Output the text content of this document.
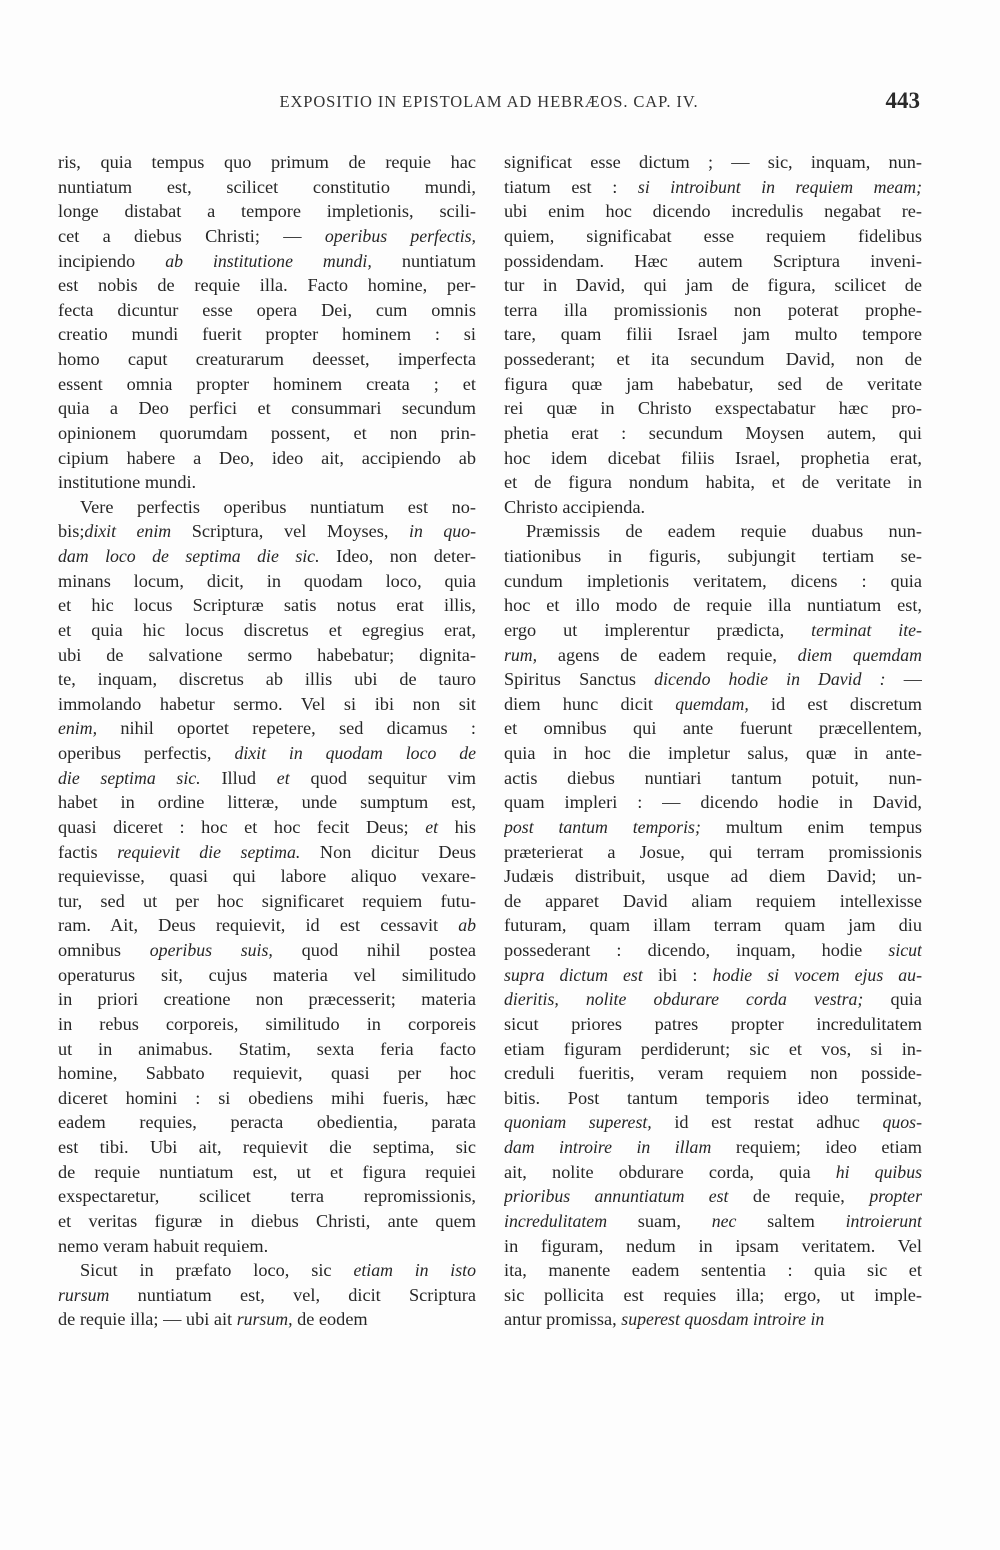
EXPOSITIO IN EPISTOLAM AD HEBRÆOS. CAP. IV.	443
ris, quia tempus quo primum de requie hac
nuntiatum est, scilicet constitutio mundi,
longe distabat a tempore impletionis, scili-
cet a diebus Christi; — operibus perfectis,
incipiendo ab institutione mundi, nuntiatum
est nobis de requie illa. Facto homine, per-
fecta dicuntur esse opera Dei, cum omnis
creatio mundi fuerit propter hominem : si
homo caput creaturarum deesset, imperfecta
essent omnia propter hominem creata ; et
quia a Deo perfici et consummari secundum
opinionem quorumdam possent, et non prin-
cipium habere a Deo, ideo ait, accipiendo ab
institutione mundi.
Vere perfectis operibus nuntiatum est no-
bis;dixit enim Scriptura, vel Moyses, in quo-
dam loco de septima die sic. Ideo, non deter-
minans locum, dicit, in quodam loco, quia
et hic locus Scripturæ satis notus erat illis,
et quia hic locus discretus et egregius erat,
ubi de salvatione sermo habebatur; dignita-
te, inquam, discretus ab illis ubi de tauro
immolando habetur sermo. Vel si ibi non sit
enim, nihil oportet repetere, sed dicamus :
operibus perfectis, dixit in quodam loco de
die septima sic. Illud et quod sequitur vim
habet in ordine litteræ, unde sumptum est,
quasi diceret : hoc et hoc fecit Deus; et his
factis requievit die septima. Non dicitur Deus
requievisse, quasi qui labore aliquo vexare-
tur, sed ut per hoc significaret requiem futu-
ram. Ait, Deus requievit, id est cessavit ab
omnibus operibus suis, quod nihil postea
operaturus sit, cujus materia vel similitudo
in priori creatione non præcesserit; materia
in rebus corporeis, similitudo in corporeis
ut in animabus. Statim, sexta feria facto
homine, Sabbato requievit, quasi per hoc
diceret homini : si obediens mihi fueris, hæc
eadem requies, peracta obedientia, parata
est tibi. Ubi ait, requievit die septima, sic
de requie nuntiatum est, ut et figura requiei
exspectaretur, scilicet terra repromissionis,
et veritas figuræ in diebus Christi, ante quem
nemo veram habuit requiem.
Sicut in præfato loco, sic etiam in isto
rursum nuntiatum est, vel, dicit Scriptura
de requie illa; — ubi ait rursum, de eodem
significat esse dictum ; — sic, inquam, nun-
tiatum est : si introibunt in requiem meam;
ubi enim hoc dicendo incredulis negabat re-
quiem, significabat esse requiem fidelibus
possidendam. Hæc autem Scriptura inveni-
tur in David, qui jam de figura, scilicet de
terra illa promissionis non poterat prophe-
tare, quam filii Israel jam multo tempore
possederant; et ita secundum David, non de
figura quæ jam habebatur, sed de veritate
rei quæ in Christo exspectabatur hæc pro-
phetia erat : secundum Moysen autem, qui
hoc idem dicebat filiis Israel, prophetia erat,
et de figura nondum habita, et de veritate in
Christo accipienda.
Præmissis de eadem requie duabus nun-
tiationibus in figuris, subjungit tertiam se-
cundum impletionis veritatem, dicens : quia
hoc et illo modo de requie illa nuntiatum est,
ergo ut implerentur prædicta, terminat ite-
rum, agens de eadem requie, diem quemdam
Spiritus Sanctus dicendo hodie in David : —
diem hunc dicit quemdam, id est discretum
et omnibus qui ante fuerunt præcellentem,
quia in hoc die impletur salus, quæ in ante-
actis diebus nuntiari tantum potuit, nun-
quam impleri : — dicendo hodie in David,
post tantum temporis; multum enim tempus
præterierat a Josue, qui terram promissionis
Judæis distribuit, usque ad diem David; un-
de apparet David aliam requiem intellexisse
futuram, quam illam terram quam jam diu
possederant : dicendo, inquam, hodie sicut
supra dictum est ibi : hodie si vocem ejus au-
dieritis, nolite obdurare corda vestra; quia
sicut priores patres propter incredulitatem
etiam figuram perdiderunt; sic et vos, si in-
creduli fueritis, veram requiem non posside-
bitis. Post tantum temporis ideo terminat,
quoniam superest, id est restat adhuc quos-
dam introire in illam requiem; ideo etiam
ait, nolite obdurare corda, quia hi quibus
prioribus annuntiatum est de requie, propter
incredulitatem suam, nec saltem introierunt
in figuram, nedum in ipsam veritatem. Vel
ita, manente eadem sententia : quia sic et
sic pollicita est requies illa; ergo, ut imple-
antur promissa, superest quosdam introire in
